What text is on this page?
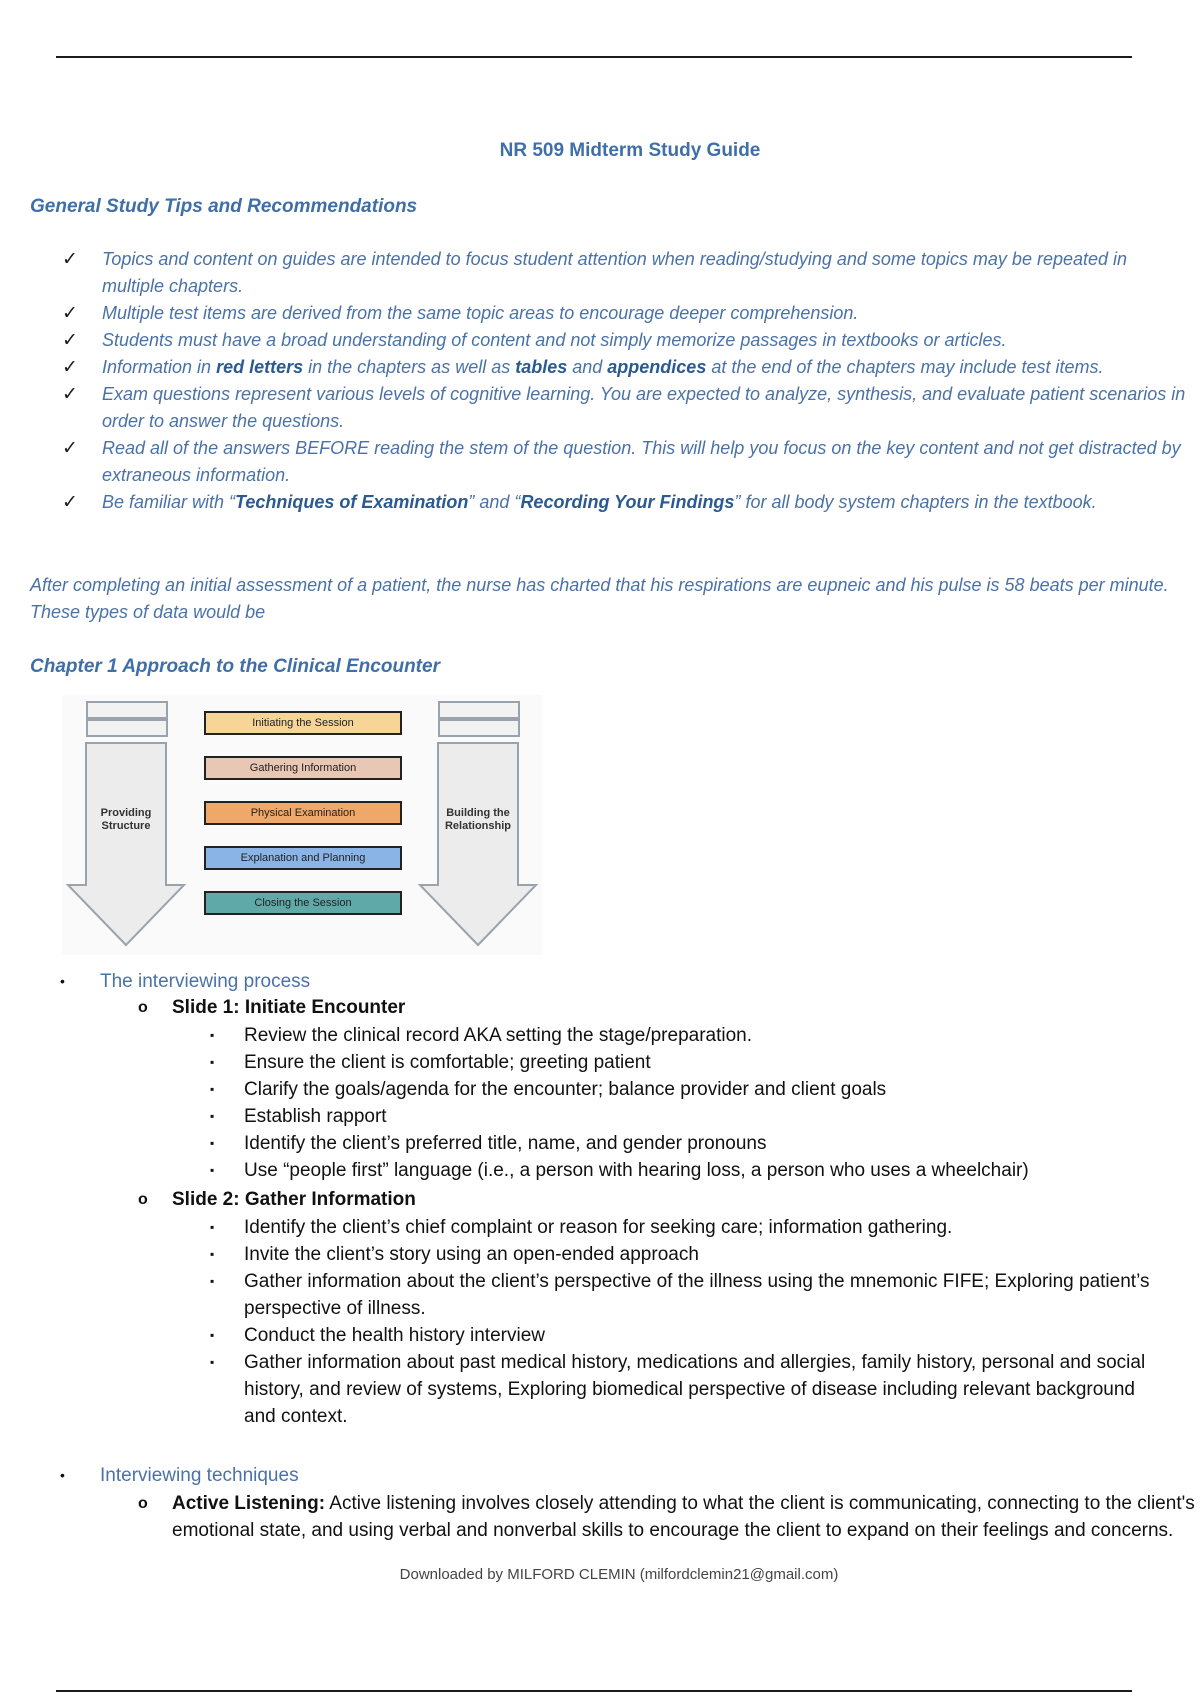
NR 509 Midterm Study Guide
General Study Tips and Recommendations
✓ Topics and content on guides are intended to focus student attention when reading/studying and some topics may be repeated in multiple chapters.
✓ Multiple test items are derived from the same topic areas to encourage deeper comprehension.
✓ Students must have a broad understanding of content and not simply memorize passages in textbooks or articles.
✓ Information in red letters in the chapters as well as tables and appendices at the end of the chapters may include test items.
✓ Exam questions represent various levels of cognitive learning. You are expected to analyze, synthesis, and evaluate patient scenarios in order to answer the questions.
✓ Read all of the answers BEFORE reading the stem of the question. This will help you focus on the key content and not get distracted by extraneous information.
✓ Be familiar with “Techniques of Examination” and “Recording Your Findings” for all body system chapters in the textbook.
After completing an initial assessment of a patient, the nurse has charted that his respirations are eupneic and his pulse is 58 beats per minute. These types of data would be
Chapter 1 Approach to the Clinical Encounter
Providing Structure
Building the Relationship
Initiating the Session
Gathering Information
Physical Examination
Explanation and Planning
Closing the Session
• The interviewing process
o Slide 1: Initiate Encounter
▪ Review the clinical record AKA setting the stage/preparation.
▪ Ensure the client is comfortable; greeting patient
▪ Clarify the goals/agenda for the encounter; balance provider and client goals
▪ Establish rapport
▪ Identify the client’s preferred title, name, and gender pronouns
▪ Use “people first” language (i.e., a person with hearing loss, a person who uses a wheelchair)
o Slide 2: Gather Information
▪ Identify the client’s chief complaint or reason for seeking care; information gathering.
▪ Invite the client’s story using an open-ended approach
▪ Gather information about the client’s perspective of the illness using the mnemonic FIFE; Exploring patient’s perspective of illness.
▪ Conduct the health history interview
▪ Gather information about past medical history, medications and allergies, family history, personal and social history, and review of systems, Exploring biomedical perspective of disease including relevant background and context.
• Interviewing techniques
o Active Listening: Active listening involves closely attending to what the client is communicating, connecting to the client's emotional state, and using verbal and nonverbal skills to encourage the client to expand on their feelings and concerns.
Downloaded by MILFORD CLEMIN (milfordclemin21@gmail.com)
